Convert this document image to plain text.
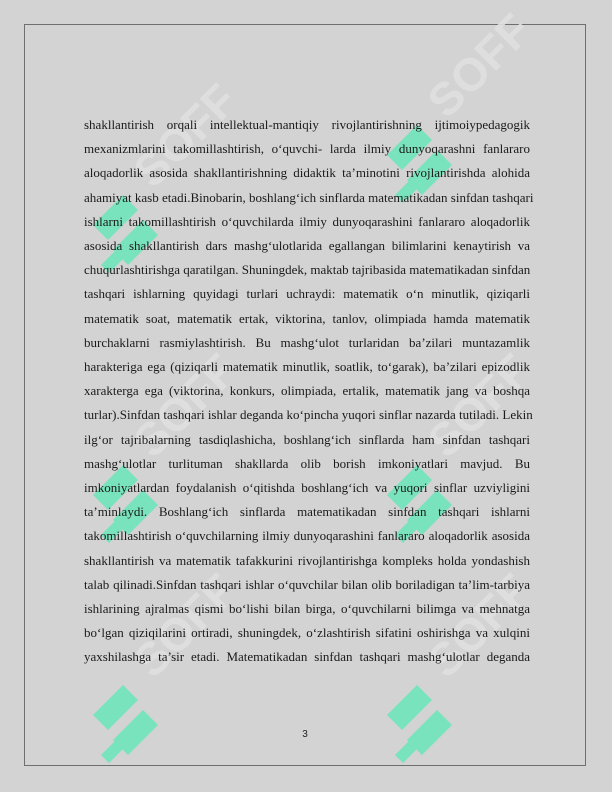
SOFF
SOFF
SOFF	SOFF
SOFF	SOFF
shakllantirish orqali intellektual-mantiqiy rivojlantirishning ijtimoiypedagogik
mexanizmlarini takomillashtirish, o‘quvchi- larda ilmiy dunyoqarashni fanlararo
aloqadorlik asosida shakllantirishning didaktik ta’minotini rivojlantirishda alohida
ahamiyat kasb etadi.Binobarin, boshlang‘ich sinflarda matematikadan sinfdan tashqari
ishlarni takomillashtirish o‘quvchilarda ilmiy dunyoqarashini fanlararo aloqadorlik
asosida shakllantirish dars mashg‘ulotlarida egallangan bilimlarini kenaytirish va
chuqurlashtirishga qaratilgan. Shuningdek, maktab tajribasida matematikadan sinfdan
tashqari ishlarning quyidagi turlari uchraydi: matematik o‘n minutlik, qiziqarli
matematik soat, matematik ertak, viktorina, tanlov, olimpiada hamda matematik
burchaklarni rasmiylashtirish. Bu mashg‘ulot turlaridan ba’zilari muntazamlik
harakteriga ega (qiziqarli matematik minutlik, soatlik, to‘garak), ba’zilari epizodlik
xarakterga ega (viktorina, konkurs, olimpiada, ertalik, matematik jang va boshqa
turlar).Sinfdan tashqari ishlar deganda ko‘pincha yuqori sinflar nazarda tutiladi. Lekin
ilg‘or tajribalarning tasdiqlashicha, boshlang‘ich sinflarda ham sinfdan tashqari
mashg‘ulotlar turlituman shakllarda olib borish imkoniyatlari mavjud. Bu
imkoniyatlardan foydalanish o‘qitishda boshlang‘ich va yuqori sinflar uzviyligini
ta’minlaydi. Boshlang‘ich sinflarda matematikadan sinfdan tashqari ishlarni
takomillashtirish o‘quvchilarning ilmiy dunyoqarashini fanlararo aloqadorlik asosida
shakllantirish va matematik tafakkurini rivojlantirishga kompleks holda yondashish
talab qilinadi.Sinfdan tashqari ishlar o‘quvchilar bilan olib boriladigan ta’lim-tarbiya
ishlarining ajralmas qismi bo‘lishi bilan birga, o‘quvchilarni bilimga va mehnatga
bo‘lgan qiziqilarini ortiradi, shuningdek, o‘zlashtirish sifatini oshirishga va xulqini
yaxshilashga ta’sir etadi. Matematikadan sinfdan tashqari mashg‘ulotlar deganda
3
